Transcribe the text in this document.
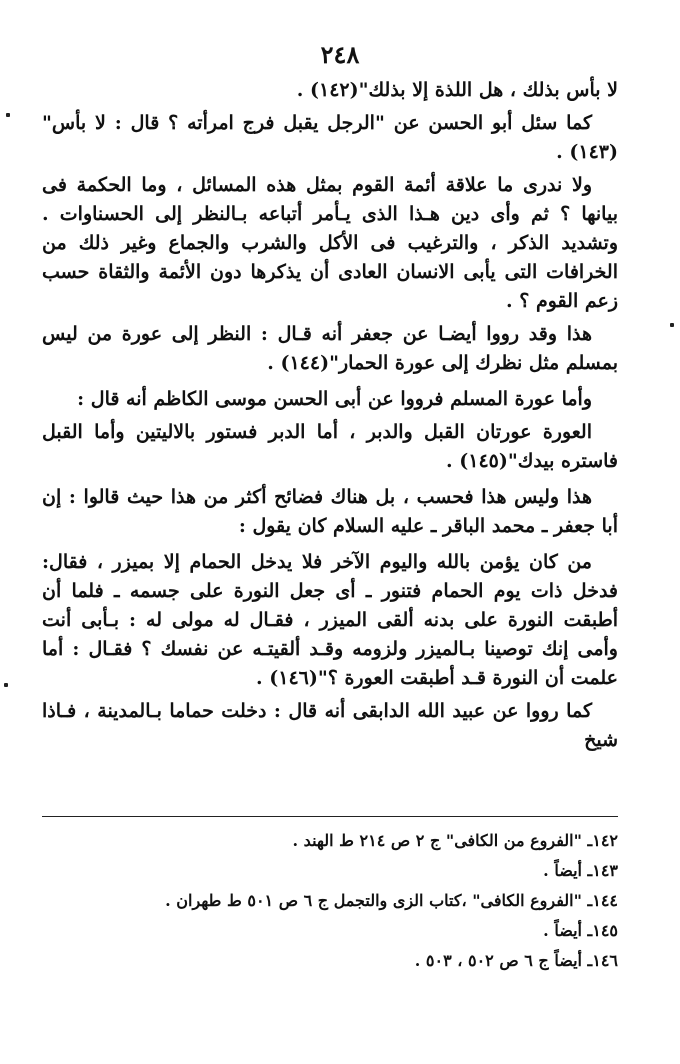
٢٤٨

لا بأس بذلك ، هل اللذة إلا بذلك"(١٤٢) .

كما سئل أبو الحسن عن "الرجل يقبل فرج امرأته ؟ قال : لا بأس"(١٤٣) .

ولا ندرى ما علاقة أئمة القوم بمثل هذه المسائل ، وما الحكمة فى بيانها ؟ ثم وأى دين هـذا الذى يـأمر أتباعه بـالنظر إلى الحسناوات . وتشديد الذكر ، والترغيب فى الأكل والشرب والجماع وغير ذلك من الخرافات التى يأبى الانسان العادى أن يذكرها دون الأئمة والثقاة حسب زعم القوم ؟ .

هذا وقد رووا أيضـا عن جعفر أنه قـال : النظر إلى عورة من ليس بمسلم مثل نظرك إلى عورة الحمار"(١٤٤) .

وأما عورة المسلم فرووا عن أبى الحسن موسى الكاظم أنه قال :

العورة عورتان القبل والدبر ، أما الدبر فستور بالاليتين وأما القبل فاستره بيدك"(١٤٥) .

هذا وليس هذا فحسب ، بل هناك فضائح أكثر من هذا حيث قالوا : إن أبا جعفر ـ محمد الباقر ـ عليه السلام كان يقول :

من كان يؤمن بالله واليوم الآخر فلا يدخل الحمام إلا بميزر ، فقال: فدخل ذات يوم الحمام فتنور ـ أى جعل النورة على جسمه ـ فلما أن أطبقت النورة على بدنه ألقى الميزر ، فقـال له مولى له : بـأبى أنت وأمى إنك توصينا بـالميزر ولزومه وقـد ألقيتـه عن نفسك ؟ فقـال : أما علمت أن النورة قـد أطبقت العورة ؟"(١٤٦) .

كما رووا عن عبيد الله الدابقى أنه قال : دخلت حماما بـالمدينة ، فـاذا شيخ

١٤٢ـ "الفروع من الكافى" ج ٢ ص ٢١٤ ط الهند .

١٤٣ـ أيضاً .

١٤٤ـ "الفروع الكافى" ،كتاب الزى والتجمل ج ٦ ص ٥٠١ ط طهران .

١٤٥ـ أيضاً .

١٤٦ـ أيضاً ج ٦ ص ٥٠٢ ، ٥٠٣ .
